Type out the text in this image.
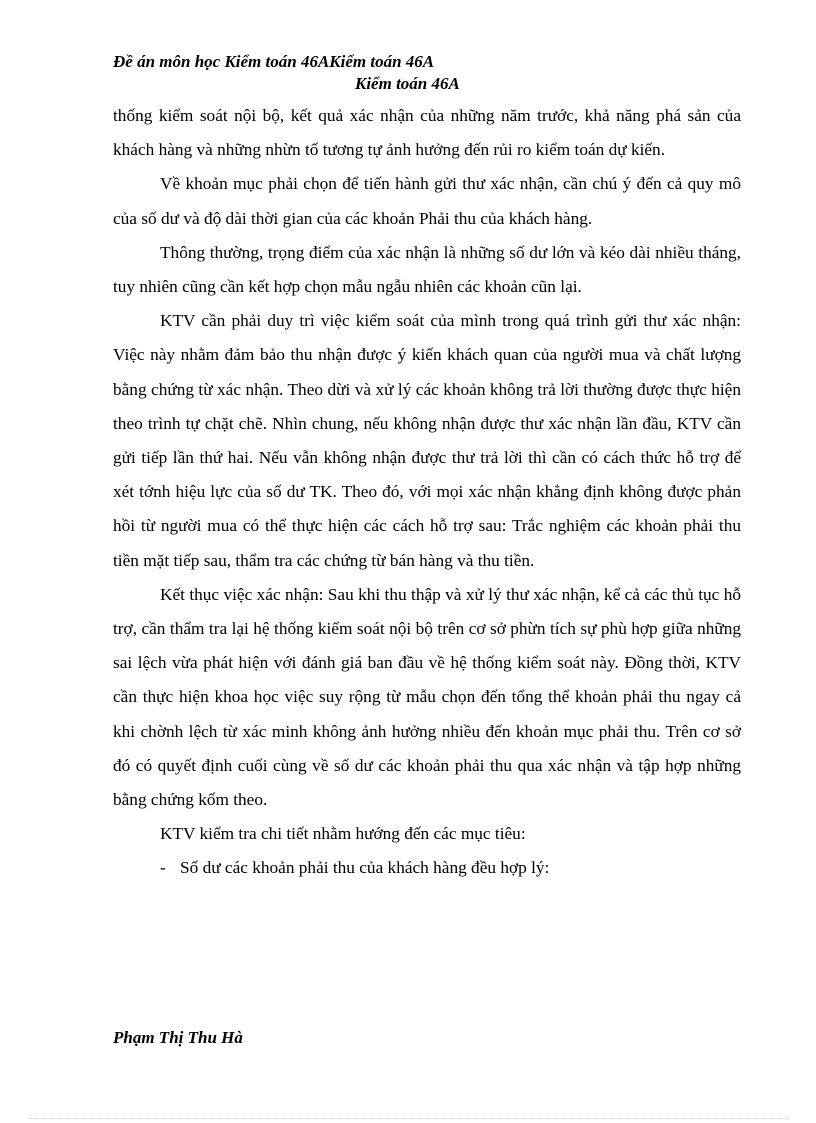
Đề án môn học Kiểm toán 46AKiểm toán 46A
Kiểm toán 46A

thống kiểm soát nội bộ, kết quả xác nhận của những năm trước, khả năng phá sản của khách hàng và những nhừn tố tương tự ảnh hưởng đến rủi ro kiểm toán dự kiến.

Về khoản mục phải chọn để tiến hành gửi thư xác nhận, cần chú ý đến cả quy mô của số dư và độ dài thời gian của các khoản Phải thu của khách hàng.

Thông thường, trọng điểm của xác nhận là những số dư lớn và kéo dài nhiều tháng, tuy nhiên cũng cần kết hợp chọn mẫu ngẫu nhiên các khoản cũn lại.

KTV cần phải duy trì việc kiểm soát của mình trong quá trình gửi thư xác nhận: Việc này nhằm đảm bảo thu nhận được ý kiến khách quan của người mua và chất lượng bằng chứng từ xác nhận. Theo dừi và xử lý các khoản không trả lời thường được thực hiện theo trình tự chặt chẽ. Nhìn chung, nếu không nhận được thư xác nhận lần đầu, KTV cần gửi tiếp lần thứ hai. Nếu vẫn không nhận được thư trả lời thì cần có cách thức hỗ trợ để xét tớnh hiệu lực của số dư TK. Theo đó, với mọi xác nhận khẳng định không được phản hồi từ người mua có thể thực hiện các cách hỗ trợ sau: Trắc nghiệm các khoản phải thu tiền mặt tiếp sau, thẩm tra các chứng từ bán hàng và thu tiền.

Kết thục việc xác nhận: Sau khi thu thập và xử lý thư xác nhận, kể cả các thủ tục hỗ trợ, cần thẩm tra lại hệ thống kiểm soát nội bộ trên cơ sở phừn tích sự phù hợp giữa những sai lệch vừa phát hiện với đánh giá ban đầu về hệ thống kiểm soát này. Đồng thời, KTV cần thực hiện khoa học việc suy rộng từ mẫu chọn đến tổng thể khoản phải thu ngay cả khi chờnh lệch từ xác minh không ảnh hưởng nhiều đến khoản mục phải thu. Trên cơ sở đó có quyết định cuối cùng về số dư các khoản phải thu qua xác nhận và tập hợp những bằng chứng kốm theo.

KTV kiểm tra chi tiết nhằm hướng đến các mục tiêu:

- Số dư các khoản phải thu của khách hàng đều hợp lý:
Phạm Thị Thu Hà
